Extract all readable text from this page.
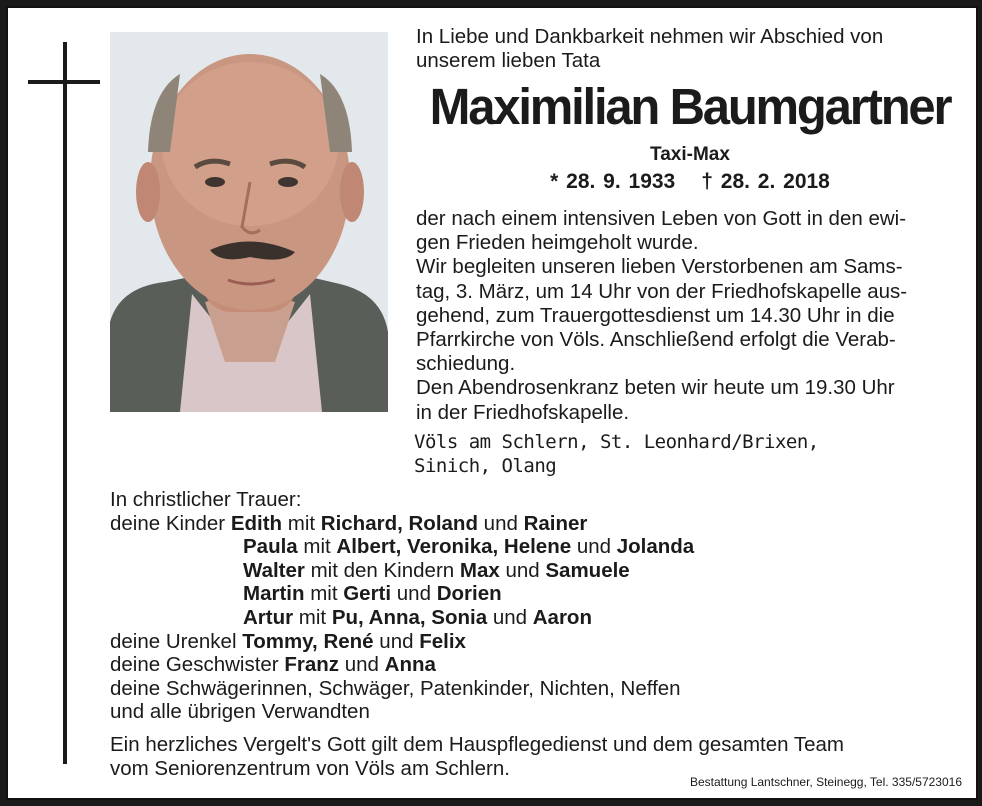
In Liebe und Dankbarkeit nehmen wir Abschied von
unserem lieben Tata
Maximilian Baumgartner
Taxi-Max
* 28. 9. 1933 † 28. 2. 2018

der nach einem intensiven Leben von Gott in den ewi-

gen Frieden heimgeholt wurde.

Wir begleiten unseren lieben Verstorbenen am Sams-

tag, 3. März, um 14 Uhr von der Friedhofskapelle aus-

gehend, zum Trauergottesdienst um 14.30 Uhr in die

Pfarrkirche von Völs. Anschließend erfolgt die Verab-

schiedung.

Den Abendrosenkranz beten wir heute um 19.30 Uhr

in der Friedhofskapelle.

Völs am Schlern, St. Leonhard/Brixen,
Sinich, Olang
In christlicher Trauer:
deine Kinder Edith mit Richard, Roland und Rainer
Paula mit Albert, Veronika, Helene und Jolanda
Walter mit den Kindern Max und Samuele
Martin mit Gerti und Dorien
Artur mit Pu, Anna, Sonia und Aaron
deine Urenkel Tommy, René und Felix
deine Geschwister Franz und Anna
deine Schwägerinnen, Schwäger, Patenkinder, Nichten, Neffen
und alle übrigen Verwandten
Ein herzliches Vergelt's Gott gilt dem Hauspflegedienst und dem gesamten Team
vom Seniorenzentrum von Völs am Schlern.
Bestattung Lantschner, Steinegg, Tel. 335/5723016
